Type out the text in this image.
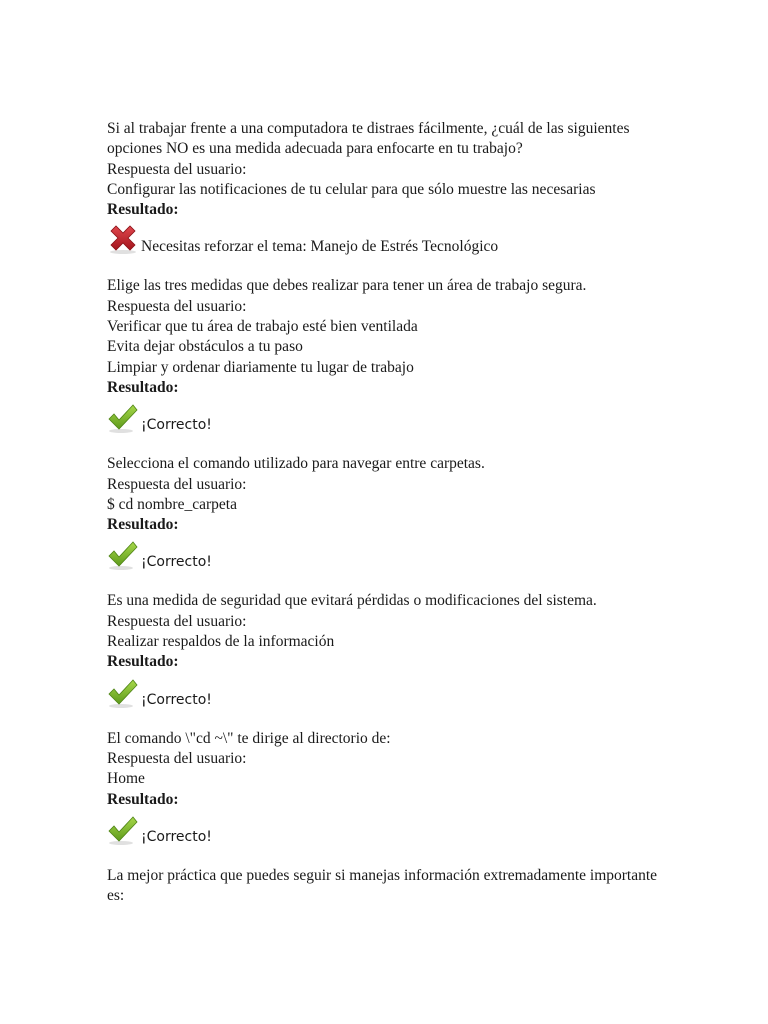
Si al trabajar frente a una computadora te distraes fácilmente, ¿cuál de las siguientes opciones NO es una medida adecuada para enfocarte en tu trabajo?
Respuesta del usuario:
Configurar las notificaciones de tu celular para que sólo muestre las necesarias
Resultado:
Necesitas reforzar el tema: Manejo de Estrés Tecnológico
Elige las tres medidas que debes realizar para tener un área de trabajo segura.
Respuesta del usuario:
Verificar que tu área de trabajo esté bien ventilada
Evita dejar obstáculos a tu paso
Limpiar y ordenar diariamente tu lugar de trabajo
Resultado:
¡Correcto!
Selecciona el comando utilizado para navegar entre carpetas.
Respuesta del usuario:
$ cd nombre_carpeta
Resultado:
¡Correcto!
Es una medida de seguridad que evitará pérdidas o modificaciones del sistema.
Respuesta del usuario:
Realizar respaldos de la información
Resultado:
¡Correcto!
El comando \"cd ~\" te dirige al directorio de:
Respuesta del usuario:
Home
Resultado:
¡Correcto!
La mejor práctica que puedes seguir si manejas información extremadamente importante es:
